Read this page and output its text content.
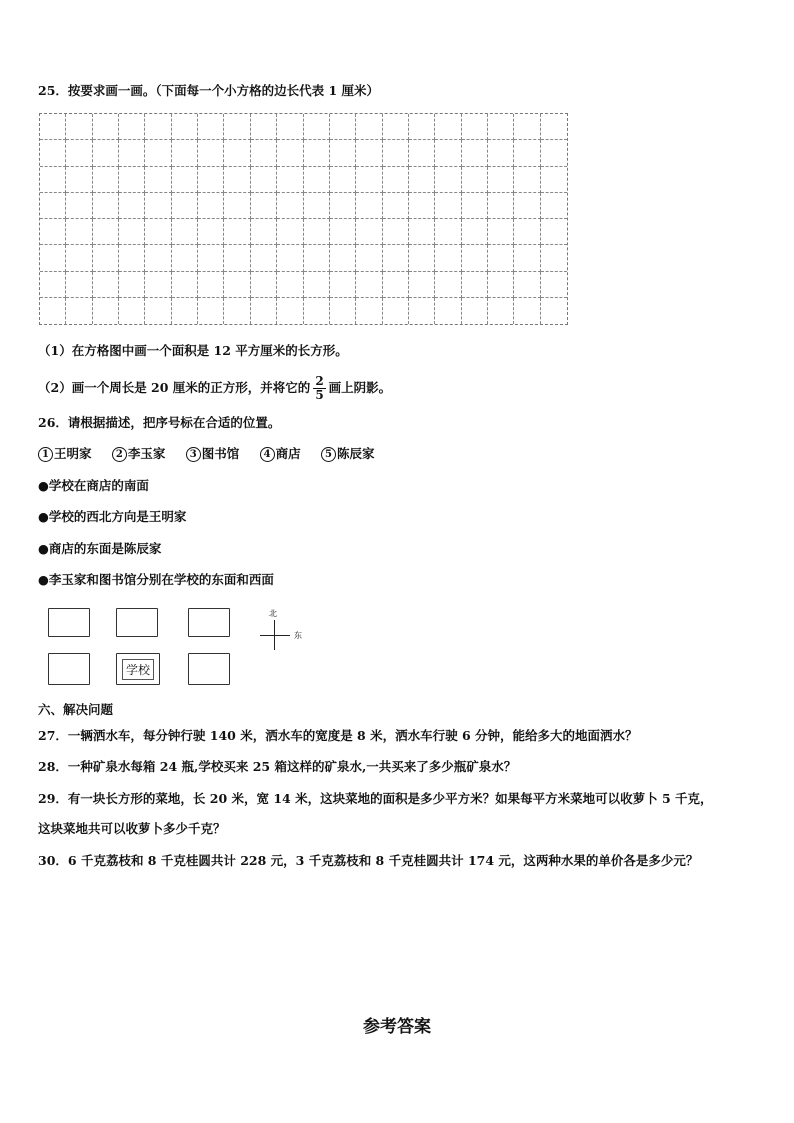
25．按要求画一画。（下面每一个小方格的边长代表 1 厘米）
（1）在方格图中画一个面积是 12 平方厘米的长方形。
（2）画一个周长是 20 厘米的正方形，并将它的 $\frac{2}{5}$ 画上阴影。
26．请根据描述，把序号标在合适的位置。
1 王明家 2 李玉家 3 图书馆 4 商店 5 陈辰家
●学校在商店的南面
●学校的西北方向是王明家
●商店的东面是陈辰家
●李玉家和图书馆分别在学校的东面和西面
学校
北
东
六、解决问题
27．一辆洒水车，每分钟行驶 140 米，洒水车的宽度是 8 米，洒水车行驶 6 分钟，能给多大的地面洒水？
28．一种矿泉水每箱 24 瓶,学校买来 25 箱这样的矿泉水,一共买来了多少瓶矿泉水？
29．有一块长方形的菜地，长 20 米，宽 14 米，这块菜地的面积是多少平方米？如果每平方米菜地可以收萝卜 5 千克，
这块菜地共可以收萝卜多少千克？
30．6 千克荔枝和 8 千克桂圆共计 228 元，3 千克荔枝和 8 千克桂圆共计 174 元，这两种水果的单价各是多少元？
参考答案
